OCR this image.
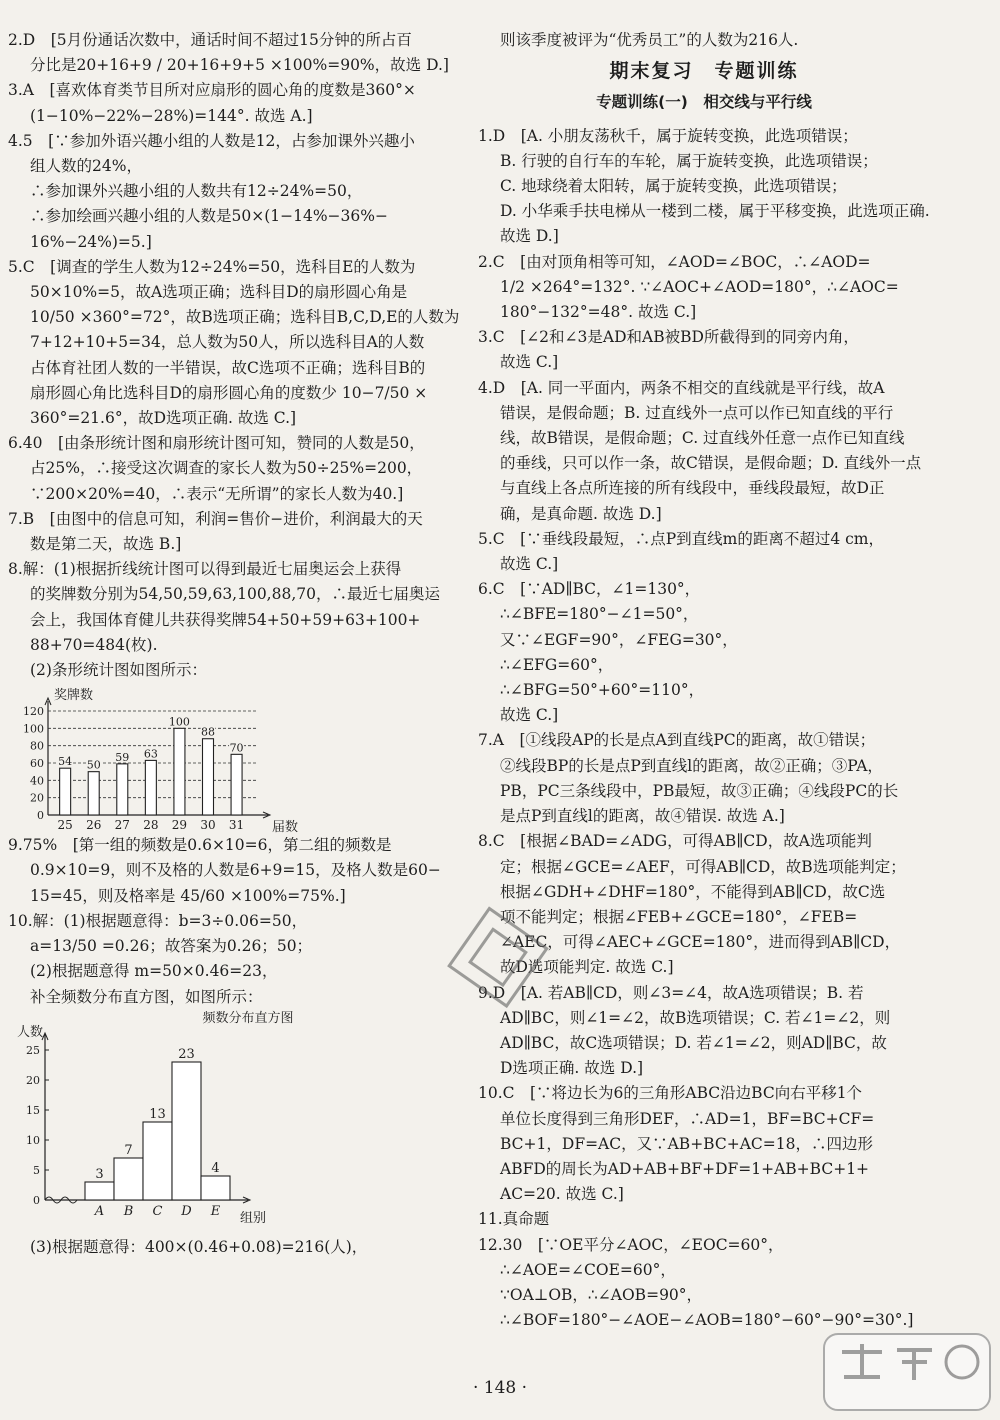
2.D　[5月份通话次数中，通话时间不超过15分钟的所占百

分比是20+16+9 / 20+16+9+5 ×100%=90%，故选 D.]

3.A　[喜欢体育类节目所对应扇形的圆心角的度数是360°×

(1−10%−22%−28%)=144°. 故选 A.]

4.5　[∵参加外语兴趣小组的人数是12，占参加课外兴趣小

组人数的24%，

∴参加课外兴趣小组的人数共有12÷24%=50，

∴参加绘画兴趣小组的人数是50×(1−14%−36%−

16%−24%)=5.]

5.C　[调查的学生人数为12÷24%=50，选科目E的人数为

50×10%=5，故A选项正确；选科目D的扇形圆心角是

10/50 ×360°=72°，故B选项正确；选科目B,C,D,E的人数为

7+12+10+5=34，总人数为50人，所以选科目A的人数

占体育社团人数的一半错误，故C选项不正确；选科目B的

扇形圆心角比选科目D的扇形圆心角的度数少 10−7/50 ×

360°=21.6°，故D选项正确. 故选 C.]

6.40　[由条形统计图和扇形统计图可知，赞同的人数是50，

占25%，∴接受这次调查的家长人数为50÷25%=200，

∵200×20%=40，∴表示“无所谓”的家长人数为40.]

7.B　[由图中的信息可知，利润=售价−进价，利润最大的天

数是第二天，故选 B.]

8.解：(1)根据折线统计图可以得到最近七届奥运会上获得

的奖牌数分别为54,50,59,63,100,88,70，∴最近七届奥运

会上，我国体育健儿共获得奖牌54+50+59+63+100+

88+70=484(枚).

(2)条形统计图如图所示：

奖牌数
届数
0
20
40
60
80
100
120
54
25
50
26
59
27
63
28
100
29
88
30
70
31

9.75%　[第一组的频数是0.6×10=6，第二组的频数是

0.9×10=9，则不及格的人数是6+9=15，及格人数是60−

15=45，则及格率是 45/60 ×100%=75%.]

10.解：(1)根据题意得：b=3÷0.06=50，

a=13/50 =0.26；故答案为0.26；50；

(2)根据题意得 m=50×0.46=23，

补全频数分布直方图，如图所示：

频数分布直方图
人数
组别
0
5
10
15
20
25
3
A
7
B
13
C
23
D
4
E

(3)根据题意得：400×(0.46+0.08)=216(人)，

则该季度被评为“优秀员工”的人数为216人.

期末复习　专题训练

专题训练(一)　相交线与平行线

1.D　[A. 小朋友荡秋千，属于旋转变换，此选项错误；

B. 行驶的自行车的车轮，属于旋转变换，此选项错误；

C. 地球绕着太阳转，属于旋转变换，此选项错误；

D. 小华乘手扶电梯从一楼到二楼，属于平移变换，此选项正确.

故选 D.]

2.C　[由对顶角相等可知，∠AOD=∠BOC，∴∠AOD=

1/2 ×264°=132°. ∵∠AOC+∠AOD=180°，∴∠AOC=

180°−132°=48°. 故选 C.]

3.C　[∠2和∠3是AD和AB被BD所截得到的同旁内角，

故选 C.]

4.D　[A. 同一平面内，两条不相交的直线就是平行线，故A

错误，是假命题；B. 过直线外一点可以作已知直线的平行

线，故B错误，是假命题；C. 过直线外任意一点作已知直线

的垂线，只可以作一条，故C错误，是假命题；D. 直线外一点

与直线上各点所连接的所有线段中，垂线段最短，故D正

确，是真命题. 故选 D.]

5.C　[∵垂线段最短，∴点P到直线m的距离不超过4 cm，

故选 C.]

6.C　[∵AD∥BC，∠1=130°，

∴∠BFE=180°−∠1=50°，

又∵∠EGF=90°，∠FEG=30°，

∴∠EFG=60°，

∴∠BFG=50°+60°=110°，

故选 C.]

7.A　[①线段AP的长是点A到直线PC的距离，故①错误；

②线段BP的长是点P到直线l的距离，故②正确；③PA，

PB，PC三条线段中，PB最短，故③正确；④线段PC的长

是点P到直线l的距离，故④错误. 故选 A.]

8.C　[根据∠BAD=∠ADG，可得AB∥CD，故A选项能判

定；根据∠GCE=∠AEF，可得AB∥CD，故B选项能判定；

根据∠GDH+∠DHF=180°，不能得到AB∥CD，故C选

项不能判定；根据∠FEB+∠GCE=180°，∠FEB=

∠AEC，可得∠AEC+∠GCE=180°，进而得到AB∥CD，

故D选项能判定. 故选 C.]

9.D　[A. 若AB∥CD，则∠3=∠4，故A选项错误；B. 若

AD∥BC，则∠1=∠2，故B选项错误；C. 若∠1=∠2，则

AD∥BC，故C选项错误；D. 若∠1=∠2，则AD∥BC，故

D选项正确. 故选 D.]

10.C　[∵将边长为6的三角形ABC沿边BC向右平移1个

单位长度得到三角形DEF，∴AD=1，BF=BC+CF=

BC+1，DF=AC，又∵AB+BC+AC=18，∴四边形

ABFD的周长为AD+AB+BF+DF=1+AB+BC+1+

AC=20. 故选 C.]

11.真命题

12.30　[∵OE平分∠AOC，∠EOC=60°，

∴∠AOE=∠COE=60°，

∵OA⊥OB，∴∠AOB=90°，

∴∠BOF=180°−∠AOE−∠AOB=180°−60°−90°=30°.]

· 148 ·
